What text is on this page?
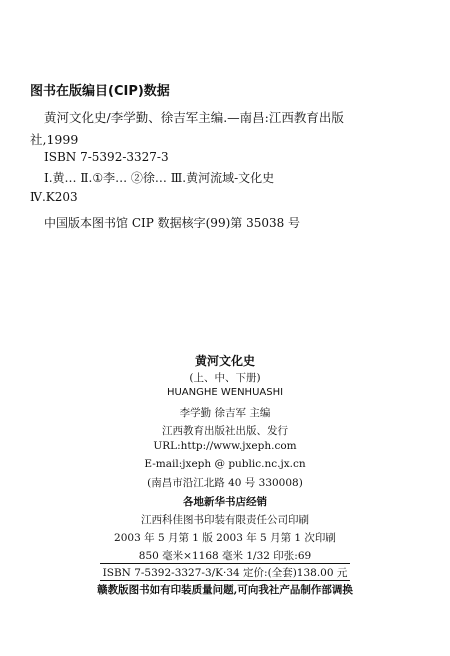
图书在版编目(CIP)数据
黄河文化史/李学勤、徐吉军主编.—南昌:江西教育出版
社,1999
ISBN 7-5392-3327-3
Ⅰ.黄… Ⅱ.①李… ②徐… Ⅲ.黄河流域-文化史
Ⅳ.K203
中国版本图书馆 CIP 数据核字(99)第 35038 号
黄河文化史
(上、中、下册)
HUANGHE WENHUASHI
李学勤 徐吉军 主编
江西教育出版社出版、发行
URL:http://www.jxeph.com
E-mail:jxeph @ public.nc.jx.cn
(南昌市沿江北路 40 号 330008)
各地新华书店经销
江西科佳图书印装有限责任公司印刷
2003 年 5 月第 1 版 2003 年 5 月第 1 次印刷
850 毫米×1168 毫米 1/32 印张:69
ISBN 7-5392-3327-3/K·34 定价:(全套)138.00 元
赣教版图书如有印装质量问题,可向我社产品制作部调换
